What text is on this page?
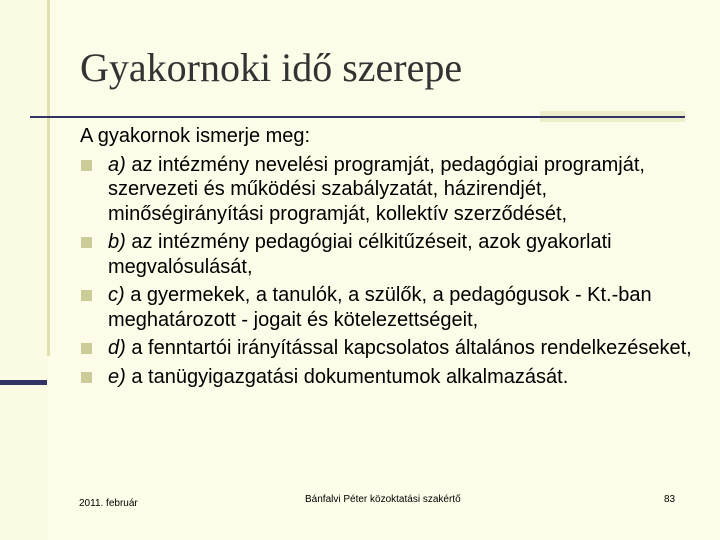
Gyakornoki idő szerepe

A gyakornok ismerje meg:

a) az intézmény nevelési programját, pedagógiai programját, szervezeti és működési szabályzatát, házirendjét, minőségirányítási programját, kollektív szerződését,
b) az intézmény pedagógiai célkitűzéseit, azok gyakorlati megvalósulását,
c) a gyermekek, a tanulók, a szülők, a pedagógusok - Kt.-ban meghatározott - jogait és kötelezettségeit,
d) a fenntartói irányítással kapcsolatos általános rendelkezéseket,
e) a tanügyigazgatási dokumentumok alkalmazását.
2011. február	Bánfalvi Péter közoktatási szakértő	83
